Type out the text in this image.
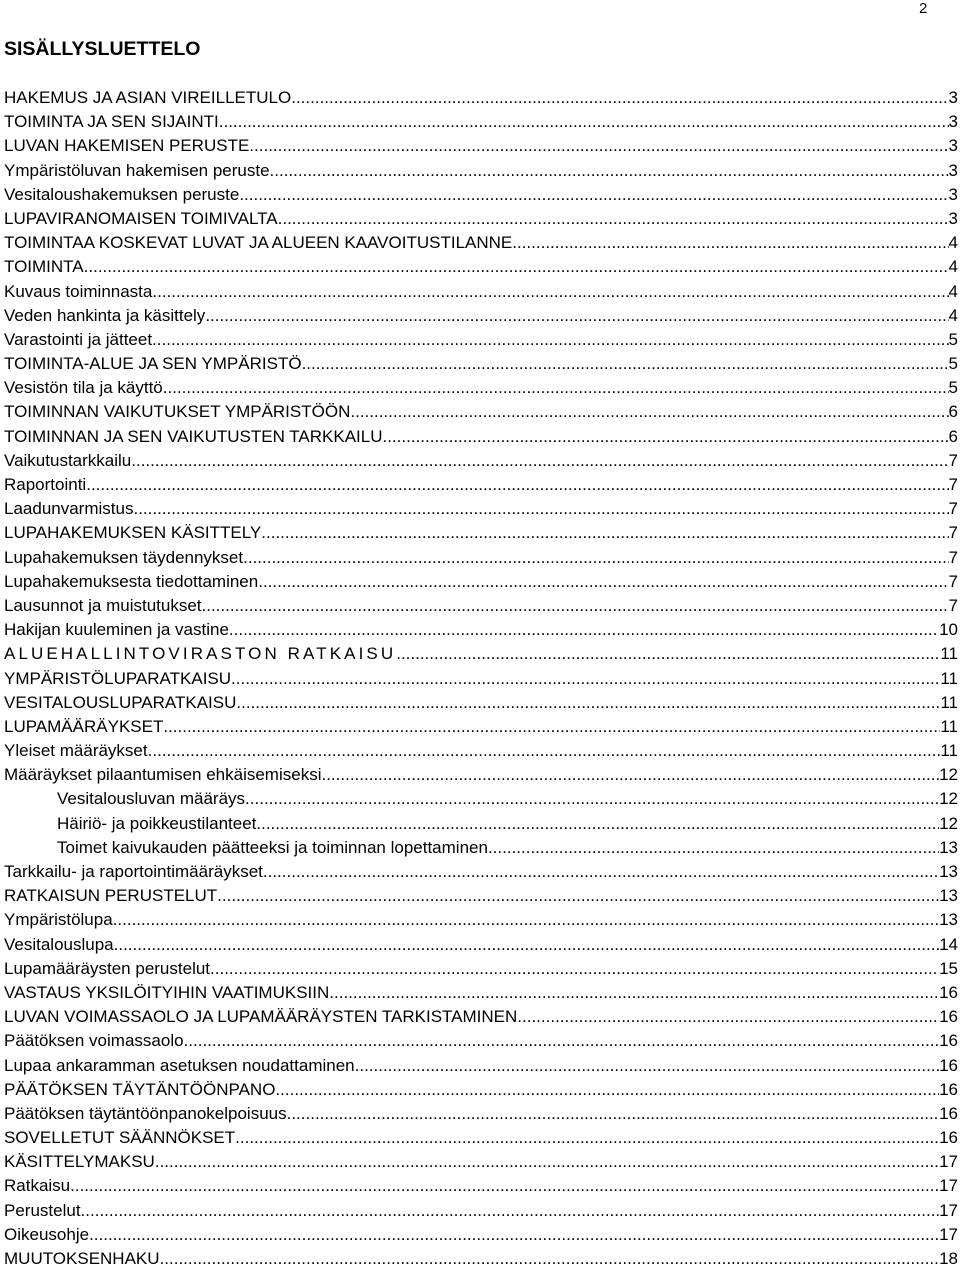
2
SISÄLLYSLUETTELO
HAKEMUS JA ASIAN VIREILLETULO .....	3
TOIMINTA JA SEN SIJAINTI .....	3
LUVAN HAKEMISEN PERUSTE .....	3
Ympäristöluvan hakemisen peruste .....	3
Vesitaloushakemuksen peruste .....	3
LUPAVIRANOMAISEN TOIMIVALTA .....	3
TOIMINTAA KOSKEVAT LUVAT JA ALUEEN KAAVOITUSTILANNE .....	4
TOIMINTA .....	4
Kuvaus toiminnasta .....	4
Veden hankinta ja käsittely .....	4
Varastointi ja jätteet .....	5
TOIMINTA-ALUE JA SEN YMPÄRISTÖ .....	5
Vesistön tila ja käyttö .....	5
TOIMINNAN VAIKUTUKSET YMPÄRISTÖÖN .....	6
TOIMINNAN JA SEN VAIKUTUSTEN TARKKAILU .....	6
Vaikutustarkkailu .....	7
Raportointi .....	7
Laadunvarmistus .....	7
LUPAHAKEMUKSEN KÄSITTELY .....	7
Lupahakemuksen täydennykset .....	7
Lupahakemuksesta tiedottaminen .....	7
Lausunnot ja muistutukset .....	7
Hakijan kuuleminen ja vastine .....	10
ALUEHALLINTOVIRASTON RATKAISU .....	11
YMPÄRISTÖLUPARATKAISU .....	11
VESITALOUSLUPARATKAISU .....	11
LUPAMÄÄRÄYKSET .....	11
Yleiset määräykset .....	11
Määräykset pilaantumisen ehkäisemiseksi .....	12
Vesitalousluvan määräys .....	12
Häiriö- ja poikkeustilanteet .....	12
Toimet kaivukauden päätteeksi ja toiminnan lopettaminen .....	13
Tarkkailu- ja raportointimääräykset .....	13
RATKAISUN PERUSTELUT .....	13
Ympäristölupa .....	13
Vesitalouslupa .....	14
Lupamääräysten perustelut .....	15
VASTAUS YKSILÖITYIHIN VAATIMUKSIIN .....	16
LUVAN VOIMASSAOLO JA LUPAMÄÄRÄYSTEN TARKISTAMINEN .....	16
Päätöksen voimassaolo .....	16
Lupaa ankaramman asetuksen noudattaminen .....	16
PÄÄTÖKSEN TÄYTÄNTÖÖNPANO .....	16
Päätöksen täytäntöönpanokelpoisuus .....	16
SOVELLETUT SÄÄNNÖKSET .....	16
KÄSITTELYMAKSU .....	17
Ratkaisu .....	17
Perustelut .....	17
Oikeusohje .....	17
MUUTOKSENHAKU .....	18
